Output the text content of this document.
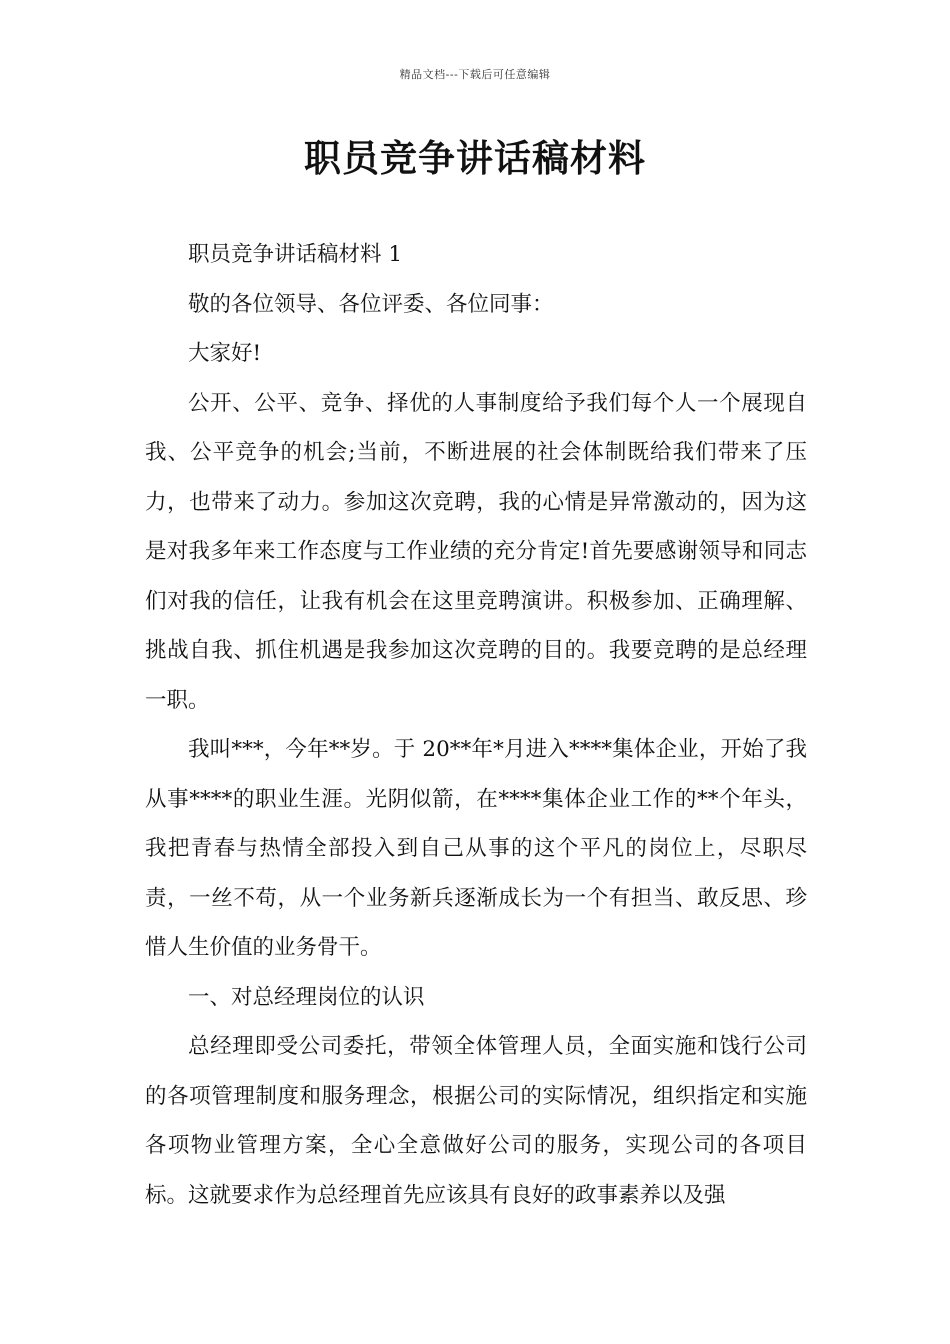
精品文档---下载后可任意编辑
职员竞争讲话稿材料

职员竞争讲话稿材料 1

敬的各位领导、各位评委、各位同事：

大家好!

公开、公平、竞争、择优的人事制度给予我们每个人一个展现自我、公平竞争的机会;当前，不断进展的社会体制既给我们带来了压力，也带来了动力。参加这次竞聘，我的心情是异常激动的，因为这是对我多年来工作态度与工作业绩的充分肯定!首先要感谢领导和同志们对我的信任，让我有机会在这里竞聘演讲。积极参加、正确理解、挑战自我、抓住机遇是我参加这次竞聘的目的。我要竞聘的是总经理一职。

我叫***，今年**岁。于 20**年*月进入****集体企业，开始了我从事****的职业生涯。光阴似箭，在****集体企业工作的**个年头，我把青春与热情全部投入到自己从事的这个平凡的岗位上，尽职尽责，一丝不苟，从一个业务新兵逐渐成长为一个有担当、敢反思、珍惜人生价值的业务骨干。

一、对总经理岗位的认识

总经理即受公司委托，带领全体管理人员，全面实施和饯行公司的各项管理制度和服务理念，根据公司的实际情况，组织指定和实施各项物业管理方案，全心全意做好公司的服务，实现公司的各项目标。这就要求作为总经理首先应该具有良好的政事素养以及强
